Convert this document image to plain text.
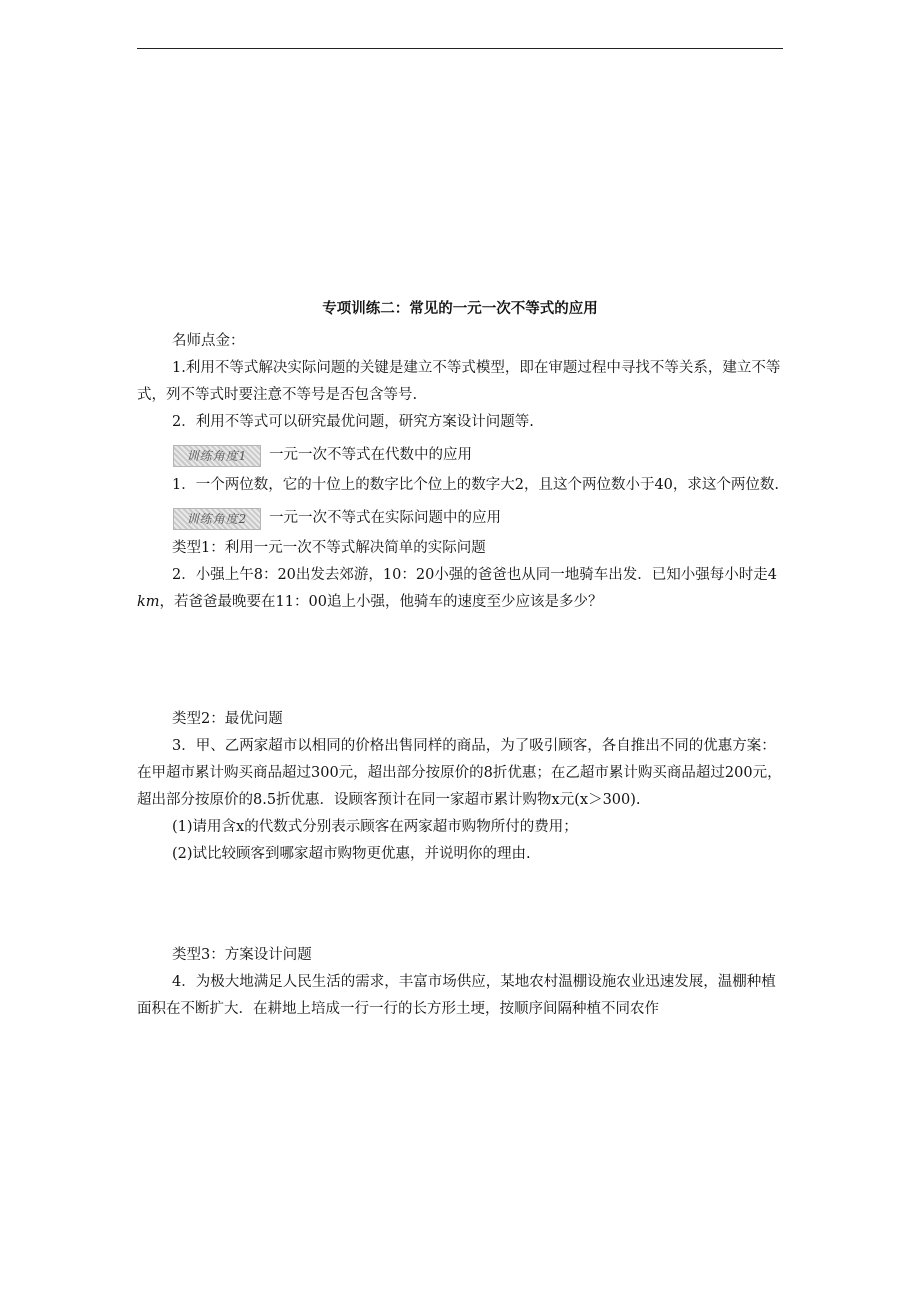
专项训练二：常见的一元一次不等式的应用

名师点金：

1.利用不等式解决实际问题的关键是建立不等式模型，即在审题过程中寻找不等关系，建立不等式，列不等式时要注意不等号是否包含等号.

2．利用不等式可以研究最优问题，研究方案设计问题等.

训练角度1	一元一次不等式在代数中的应用

1．一个两位数，它的十位上的数字比个位上的数字大2，且这个两位数小于40，求这个两位数.

训练角度2	一元一次不等式在实际问题中的应用

类型1：利用一元一次不等式解决简单的实际问题

2．小强上午8：20出发去郊游，10：20小强的爸爸也从同一地骑车出发．已知小强每小时走4 km，若爸爸最晚要在11：00追上小强，他骑车的速度至少应该是多少？

类型2：最优问题

3．甲、乙两家超市以相同的价格出售同样的商品，为了吸引顾客，各自推出不同的优惠方案：在甲超市累计购买商品超过300元，超出部分按原价的8折优惠；在乙超市累计购买商品超过200元，超出部分按原价的8.5折优惠．设顾客预计在同一家超市累计购物x元(x＞300).

(1)请用含x的代数式分别表示顾客在两家超市购物所付的费用；

(2)试比较顾客到哪家超市购物更优惠，并说明你的理由.

类型3：方案设计问题

4．为极大地满足人民生活的需求，丰富市场供应，某地农村温棚设施农业迅速发展，温棚种植面积在不断扩大．在耕地上培成一行一行的长方形土埂，按顺序间隔种植不同农作
